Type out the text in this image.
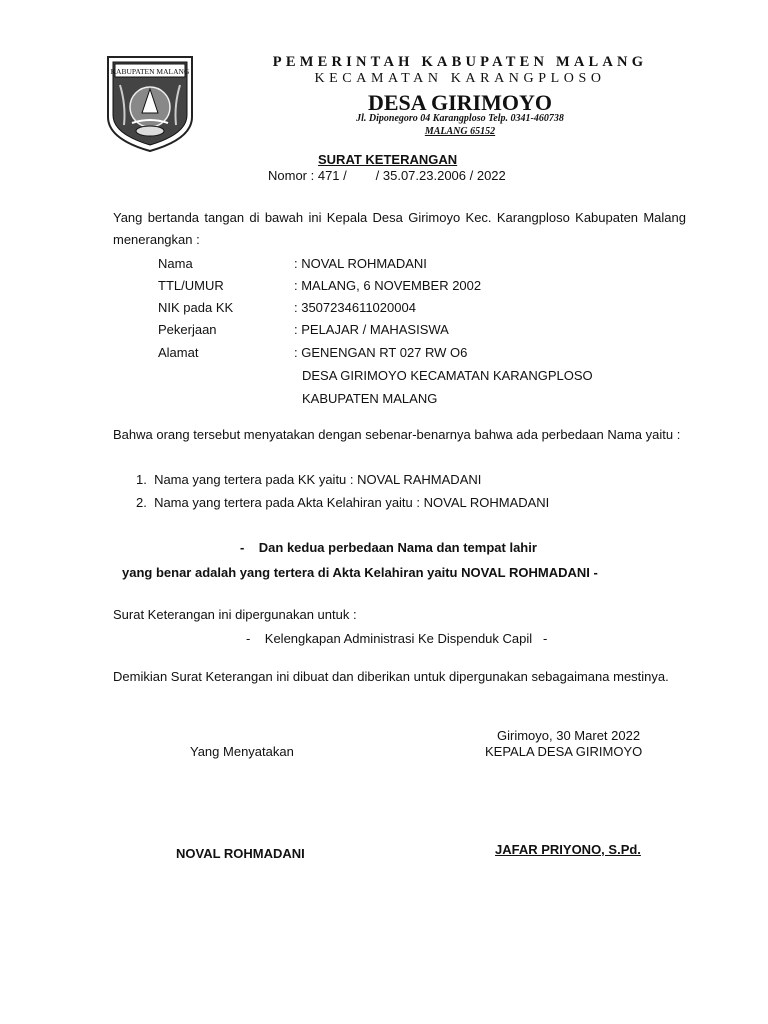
KABUPATEN MALANG
PEMERINTAH KABUPATEN MALANG
KECAMATAN KARANGPLOSO
DESA GIRIMOYO
Jl. Diponegoro 04 Karangploso Telp. 0341-460738
MALANG 65152
SURAT KETERANGAN
Nomor : 471 /        / 35.07.23.2006 / 2022
Yang bertanda tangan di bawah ini Kepala Desa Girimoyo Kec. Karangploso Kabupaten Malang menerangkan :
Nama	: NOVAL ROHMADANI
TTL/UMUR	: MALANG, 6 NOVEMBER 2002
NIK pada KK	: 3507234611020004
Pekerjaan	: PELAJAR / MAHASISWA
Alamat	: GENENGAN RT 027 RW O6
DESA GIRIMOYO KECAMATAN KARANGPLOSO
KABUPATEN MALANG
Bahwa orang tersebut menyatakan dengan sebenar-benarnya bahwa ada perbedaan Nama yaitu :
1.  Nama yang tertera pada KK yaitu : NOVAL RAHMADANI
2.  Nama yang tertera pada Akta Kelahiran yaitu : NOVAL ROHMADANI
-    Dan kedua perbedaan Nama dan tempat lahir
yang benar adalah yang tertera di Akta Kelahiran yaitu NOVAL ROHMADANI -
Surat Keterangan ini dipergunakan untuk :
-    Kelengkapan Administrasi Ke Dispenduk Capil   -
Demikian Surat Keterangan ini dibuat dan diberikan untuk dipergunakan sebagaimana mestinya.
Girimoyo, 30 Maret 2022
Yang Menyatakan	KEPALA DESA GIRIMOYO
NOVAL ROHMADANI	JAFAR PRIYONO, S.Pd.
